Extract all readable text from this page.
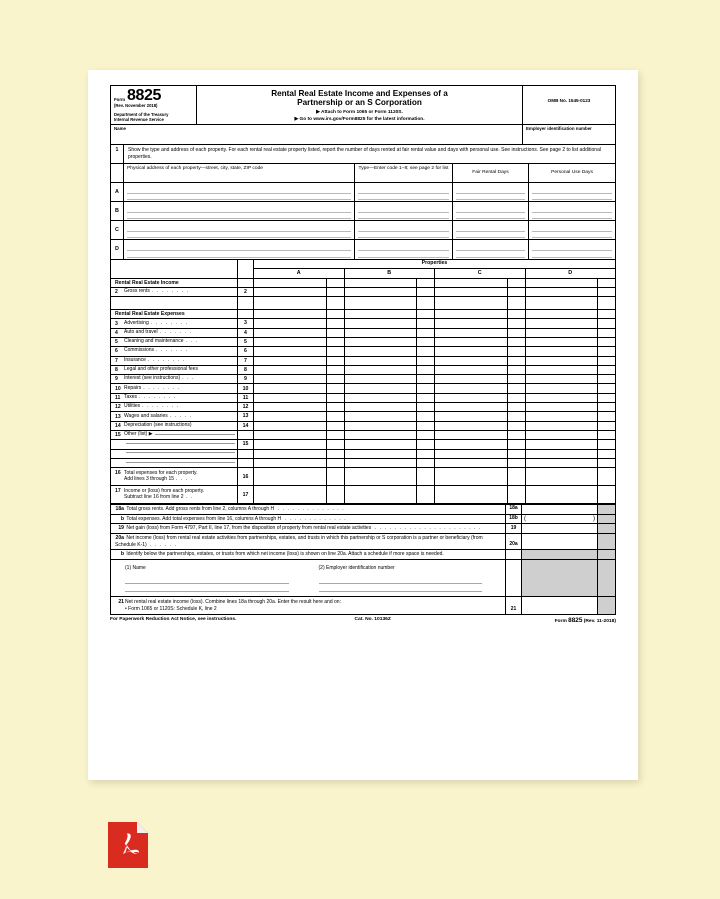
Form 8825
(Rev. November 2018)
Department of the Treasury
Internal Revenue Service
Rental Real Estate Income and Expenses of a
Partnership or an S Corporation
▶ Attach to Form 1065 or Form 1120S.
▶ Go to www.irs.gov/Form8825 for the latest information.
OMB No. 1545-0123
Name	Employer identification number
1	Show the type and address of each property. For each rental real estate property listed, report the number of days rented at fair rental value and days with personal use. See instructions. See page 2 to list additional properties.
Physical address of each property—street, city, state, ZIP code	Type—Enter code 1–8; see page 2 for list
Fair Rental Days	Personal Use Days
A
B
C
D
Properties
A	B	C	D
Rental Real Estate Income
2	Gross rents . . . . . . . .	2
Rental Real Estate Expenses
3	Advertising . . . . . . . .	3
4	Auto and travel . . . . . . .	4
5	Cleaning and maintenance . . .	5
6	Commissions . . . . . . .	6
7	Insurance . . . . . . . .	7
8	Legal and other professional fees	8
9	Interest (see instructions) . . .	9
10 Repairs . . . . . . . .	10
11 Taxes . . . . . . . .	11
12 Utilities . . . . . . . .	12
13 Wages and salaries . . . . .	13
14 Depreciation (see instructions)	14
15 Other (list) ▶
15
16 Total expenses for each property.
Add lines 3 through 15 . . . .	16
17 Income or (loss) from each property.
Subtract line 16 from line 2 . .	17
18a Total gross rents. Add gross rents from line 2, columns A through H . . . . . . . . . . . . . .	18a
b Total expenses. Add total expenses from line 16, columns A through H . . . . . . . . . . . . .	18b	(	)
19 Net gain (loss) from Form 4797, Part II, line 17, from the disposition of property from rental real estate activities . . . . . . . . . . . . . . . . . . . . . .	19
20a Net income (loss) from rental real estate activities from partnerships, estates, and trusts in which this partnership or S corporation is a partner or beneficiary (from Schedule K-1) . . . . . .	20a
b Identify below the partnerships, estates, or trusts from which net income (loss) is shown on line 20a. Attach a schedule if more space is needed.
(1) Name	(2) Employer identification number
21 Net rental real estate income (loss). Combine lines 18a through 20a. Enter the result here and on:
• Form 1065 or 1120S: Schedule K, line 2	21
For Paperwork Reduction Act Notice, see instructions.	Cat. No. 10136Z	Form 8825 (Rev. 11-2018)
